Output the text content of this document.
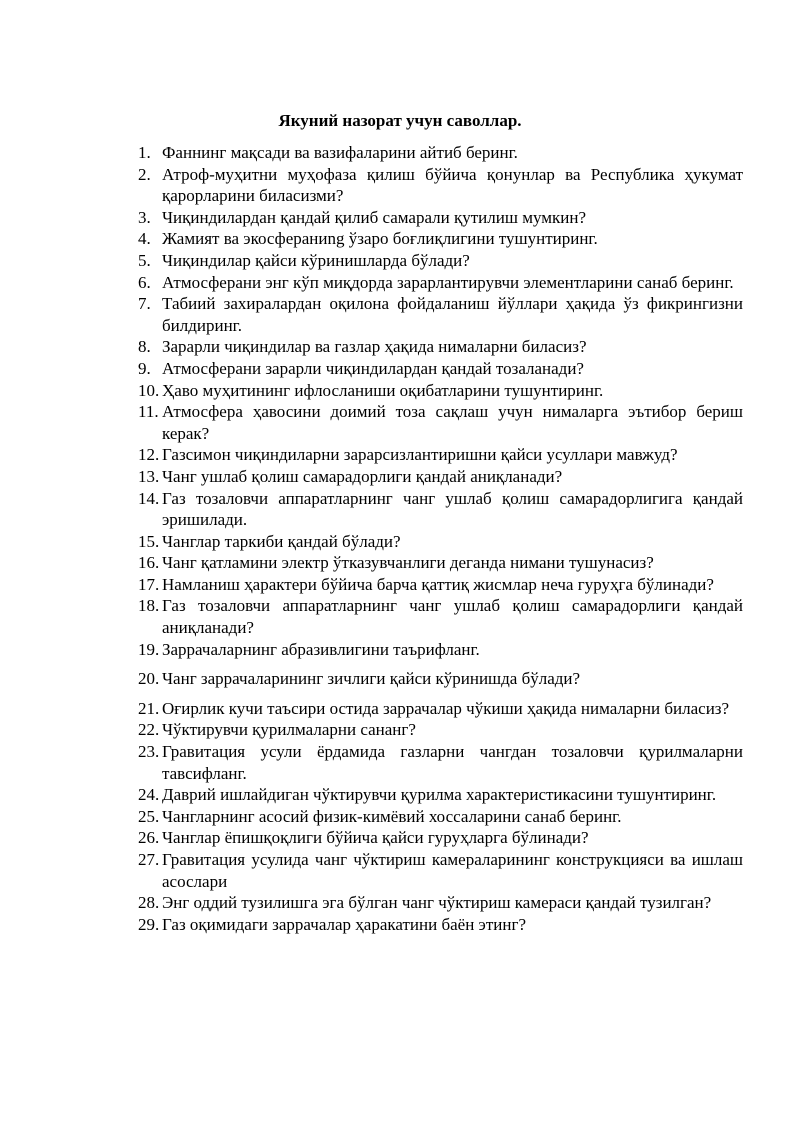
Якуний назорат учун саволлар.
1. Фаннинг мақсади ва вазифаларини айтиб беринг.
2. Атроф-муҳитни муҳофаза қилиш бўйича қонунлар ва Республика ҳукумат қарорларини биласизми?
3. Чиқиндилардан қандай қилиб самарали қутилиш мумкин?
4. Жамият ва экосфераниng ўзаро боғлиқлигини тушунтиринг.
5. Чиқиндилар қайси кўринишларда бўлади?
6. Атмосферани энг кўп миқдорда зарарлантирувчи элементларини санаб беринг.
7. Табиий захиралардан оқилона фойдаланиш йўллари ҳақида ўз фикрингизни билдиринг.
8. Зарарли чиқиндилар ва газлар ҳақида нималарни биласиз?
9. Атмосферани зарарли чиқиндилардан қандай тозаланади?
10. Ҳаво муҳитининг ифлосланиши оқибатларини тушунтиринг.
11. Атмосфера ҳавосини доимий тоза сақлаш учун нималарга эътибор бериш керак?
12. Газсимон чиқиндиларни зарарсизлантиришни қайси усуллари мавжуд?
13. Чанг ушлаб қолиш самарадорлиги қандай аниқланади?
14. Газ тозаловчи аппаратларнинг чанг ушлаб қолиш самарадорлигига қандай эришилади.
15. Чанглар таркиби қандай бўлади?
16. Чанг қатламини электр ўтказувчанлиги деганда нимани тушунасиз?
17. Намланиш ҳарактери бўйича барча қаттиқ жисмлар неча гуруҳга бўлинади?
18. Газ тозаловчи аппаратларнинг чанг ушлаб қолиш самарадорлиги қандай аниқланади?
19. Заррачаларнинг абразивлигини таърифланг.
20. Чанг заррачаларининг зичлиги қайси кўринишда бўлади?
21. Оғирлик кучи таъсири остида заррачалар чўкиши ҳақида нималарни биласиз?
22. Чўктирувчи қурилмаларни сананг?
23. Гравитация усули ёрдамида газларни чангдан тозаловчи қурилмаларни тавсифланг.
24. Даврий ишлайдиган чўктирувчи қурилма характеристикасини тушунтиринг.
25. Чангларнинг асосий физик-кимёвий хоссаларини санаб беринг.
26. Чанглар ёпишқоқлиги бўйича қайси гуруҳларга бўлинади?
27. Гравитация усулида чанг чўктириш камераларининг конструкцияси ва ишлаш асослари
28. Энг оддий тузилишга эга бўлган чанг чўктириш камераси қандай тузилган?
29. Газ оқимидаги заррачалар ҳаракатини баён этинг?
